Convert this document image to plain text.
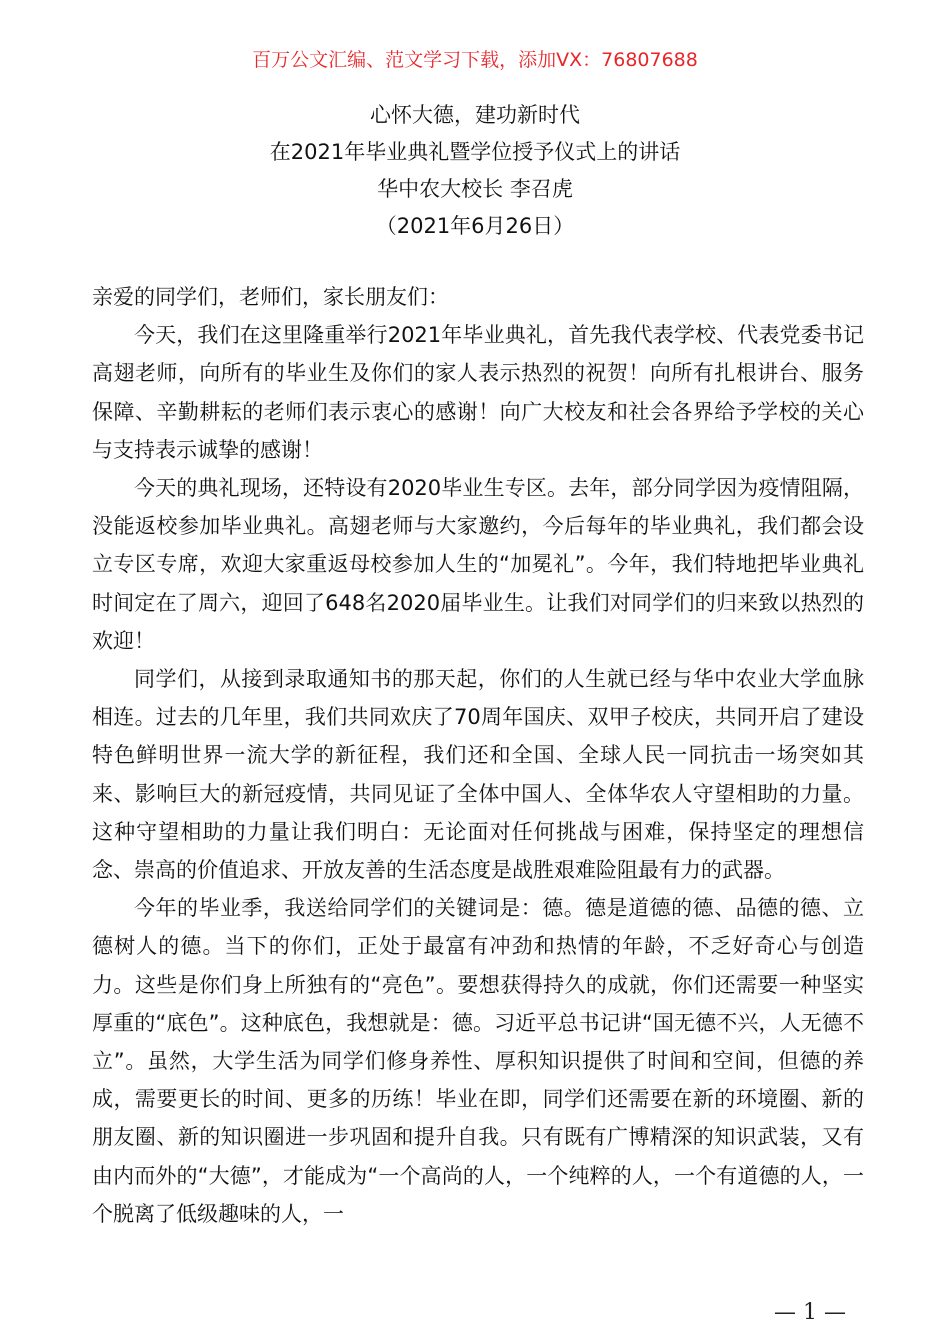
百万公文汇编、范文学习下载，添加VX：76807688
心怀大德，建功新时代
在2021年毕业典礼暨学位授予仪式上的讲话
华中农大校长 李召虎
（2021年6月26日）

亲爱的同学们，老师们，家长朋友们：

今天，我们在这里隆重举行2021年毕业典礼，首先我代表学校、代表党委书记高翅老师，向所有的毕业生及你们的家人表示热烈的祝贺！向所有扎根讲台、服务保障、辛勤耕耘的老师们表示衷心的感谢！向广大校友和社会各界给予学校的关心与支持表示诚挚的感谢！

今天的典礼现场，还特设有2020毕业生专区。去年，部分同学因为疫情阻隔，没能返校参加毕业典礼。高翅老师与大家邀约，今后每年的毕业典礼，我们都会设立专区专席，欢迎大家重返母校参加人生的“加冕礼”。今年，我们特地把毕业典礼时间定在了周六，迎回了648名2020届毕业生。让我们对同学们的归来致以热烈的欢迎！

同学们，从接到录取通知书的那天起，你们的人生就已经与华中农业大学血脉相连。过去的几年里，我们共同欢庆了70周年国庆、双甲子校庆，共同开启了建设特色鲜明世界一流大学的新征程，我们还和全国、全球人民一同抗击一场突如其来、影响巨大的新冠疫情，共同见证了全体中国人、全体华农人守望相助的力量。这种守望相助的力量让我们明白：无论面对任何挑战与困难，保持坚定的理想信念、崇高的价值追求、开放友善的生活态度是战胜艰难险阻最有力的武器。

今年的毕业季，我送给同学们的关键词是：德。德是道德的德、品德的德、立德树人的德。当下的你们，正处于最富有冲劲和热情的年龄，不乏好奇心与创造力。这些是你们身上所独有的“亮色”。要想获得持久的成就，你们还需要一种坚实厚重的“底色”。这种底色，我想就是：德。习近平总书记讲“国无德不兴，人无德不立”。虽然，大学生活为同学们修身养性、厚积知识提供了时间和空间，但德的养成，需要更长的时间、更多的历练！毕业在即，同学们还需要在新的环境圈、新的朋友圈、新的知识圈进一步巩固和提升自我。只有既有广博精深的知识武装，又有由内而外的“大德”，才能成为“一个高尚的人，一个纯粹的人，一个有道德的人，一个脱离了低级趣味的人，一

— 1 —
